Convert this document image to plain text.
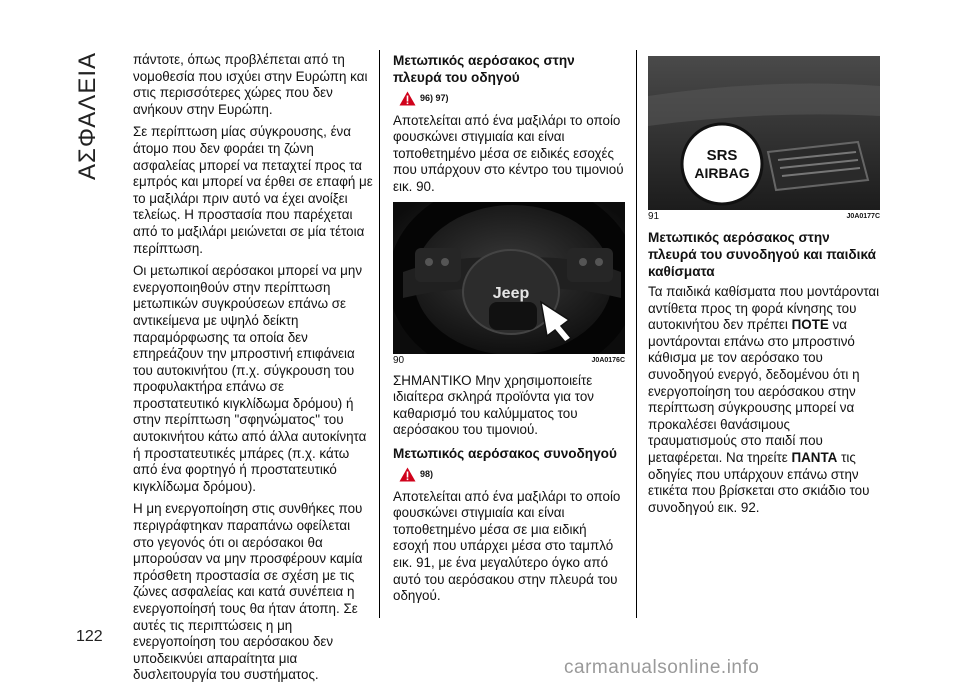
ΑΣΦΑΛΕΙΑ
122

πάντοτε, όπως προβλέπεται από τη νομοθεσία που ισχύει στην Ευρώπη και στις περισσότερες χώρες που δεν ανήκουν στην Ευρώπη.

Σε περίπτωση μίας σύγκρουσης, ένα άτομο που δεν φοράει τη ζώνη ασφαλείας μπορεί να πεταχτεί προς τα εμπρός και μπορεί να έρθει σε επαφή με το μαξιλάρι πριν αυτό να έχει ανοίξει τελείως. Η προστασία που παρέχεται από το μαξιλάρι μειώνεται σε μία τέτοια περίπτωση.

Οι μετωπικοί αερόσακοι μπορεί να μην ενεργοποιηθούν στην περίπτωση μετωπικών συγκρούσεων επάνω σε αντικείμενα με υψηλό δείκτη παραμόρφωσης τα οποία δεν επηρεάζουν την μπροστινή επιφάνεια του αυτοκινήτου (π.χ. σύγκρουση του προφυλακτήρα επάνω σε προστατευτικό κιγκλίδωμα δρόμου) ή στην περίπτωση "σφηνώματος" του αυτοκινήτου κάτω από άλλα αυτοκίνητα ή προστατευτικές μπάρες (π.χ. κάτω από ένα φορτηγό ή προστατευτικό κιγκλίδωμα δρόμου).

Η μη ενεργοποίηση στις συνθήκες που περιγράφτηκαν παραπάνω οφείλεται στο γεγονός ότι οι αερόσακοι θα μπορούσαν να μην προσφέρουν καμία πρόσθετη προστασία σε σχέση με τις ζώνες ασφαλείας και κατά συνέπεια η ενεργοποίησή τους θα ήταν άτοπη. Σε αυτές τις περιπτώσεις η μη ενεργοποίηση του αερόσακου δεν υποδεικνύει απαραίτητα μια δυσλειτουργία του συστήματος.

Μετωπικός αερόσακος στην πλευρά του οδηγού
96) 97)

Αποτελείται από ένα μαξιλάρι το οποίο φουσκώνει στιγμιαία και είναι τοποθετημένο μέσα σε ειδικές εσοχές που υπάρχουν στο κέντρο του τιμονιού εικ. 90.

Jeep
90	J0A0176C

ΣΗΜΑΝΤΙΚΟ Μην χρησιμοποιείτε ιδιαίτερα σκληρά προϊόντα για τον καθαρισμό του καλύμματος του αερόσακου του τιμονιού.

Μετωπικός αερόσακος συνοδηγού
98)

Αποτελείται από ένα μαξιλάρι το οποίο φουσκώνει στιγμιαία και είναι τοποθετημένο μέσα σε μια ειδική εσοχή που υπάρχει μέσα στο ταμπλό εικ. 91, με ένα μεγαλύτερο όγκο από αυτό του αερόσακου στην πλευρά του οδηγού.

SRS
AIRBAG
91	J0A0177C
Μετωπικός αερόσακος στην πλευρά του συνοδηγού και παιδικά καθίσματα

Τα παιδικά καθίσματα που μοντάρονται αντίθετα προς τη φορά κίνησης του αυτοκινήτου δεν πρέπει ΠΟΤΕ να μοντάρονται επάνω στο μπροστινό κάθισμα με τον αερόσακο του συνοδηγού ενεργό, δεδομένου ότι η ενεργοποίηση του αερόσακου στην περίπτωση σύγκρουσης μπορεί να προκαλέσει θανάσιμους τραυματισμούς στο παιδί που μεταφέρεται. Να τηρείτε ΠΑΝΤΑ τις οδηγίες που υπάρχουν επάνω στην ετικέτα που βρίσκεται στο σκιάδιο του συνοδηγού εικ. 92.

carmanualsonline.info
